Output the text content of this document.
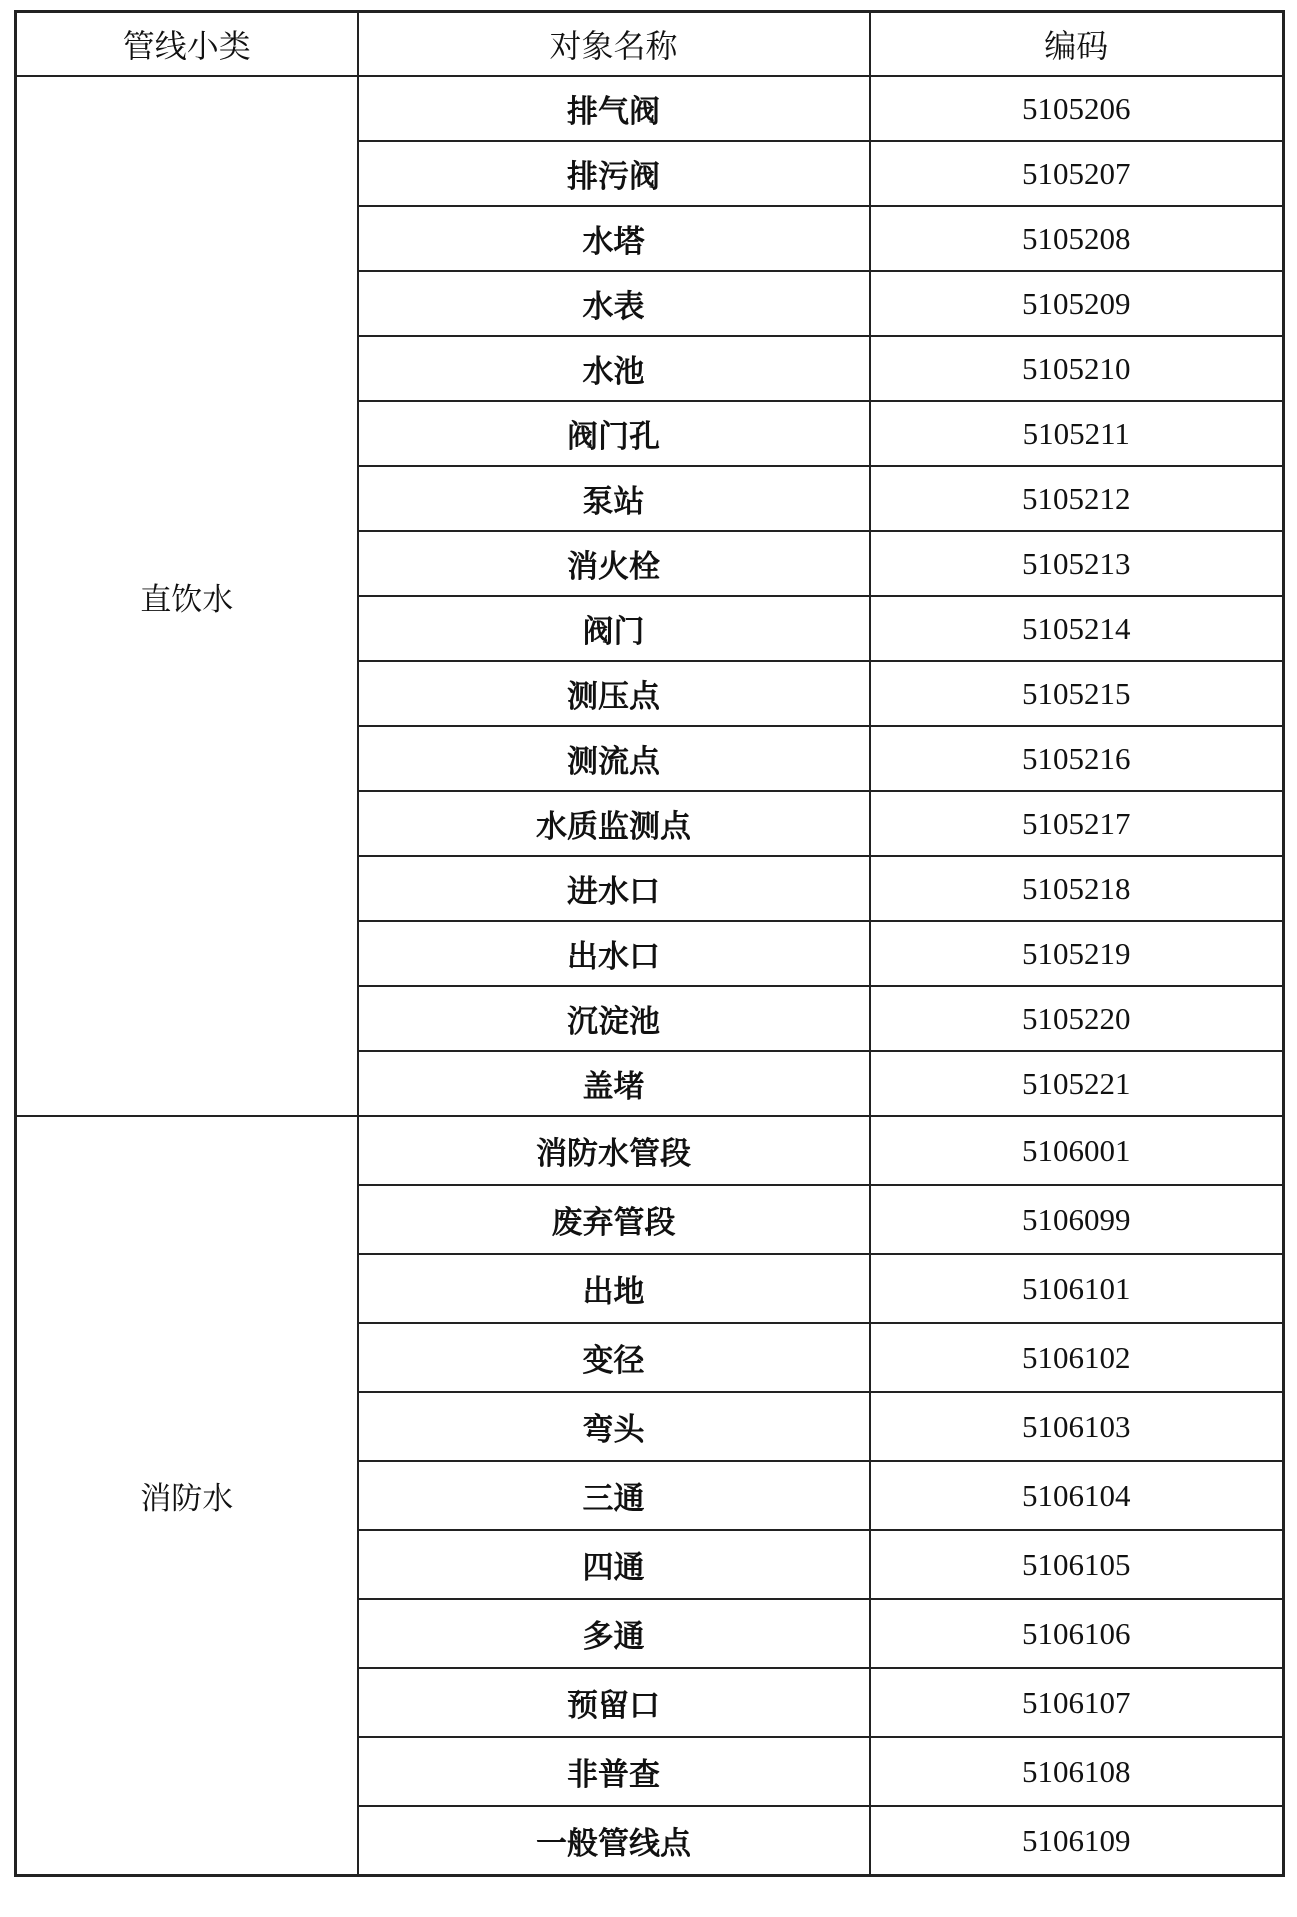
管线小类	对象名称	编码
直饮水	排气阀	5105206
	排污阀	5105207
	水塔	5105208
	水表	5105209
	水池	5105210
	阀门孔	5105211
	泵站	5105212
	消火栓	5105213
	阀门	5105214
	测压点	5105215
	测流点	5105216
	水质监测点	5105217
	进水口	5105218
	出水口	5105219
	沉淀池	5105220
	盖堵	5105221
消防水	消防水管段	5106001
	废弃管段	5106099
	出地	5106101
	变径	5106102
	弯头	5106103
	三通	5106104
	四通	5106105
	多通	5106106
	预留口	5106107
	非普查	5106108
	一般管线点	5106109
